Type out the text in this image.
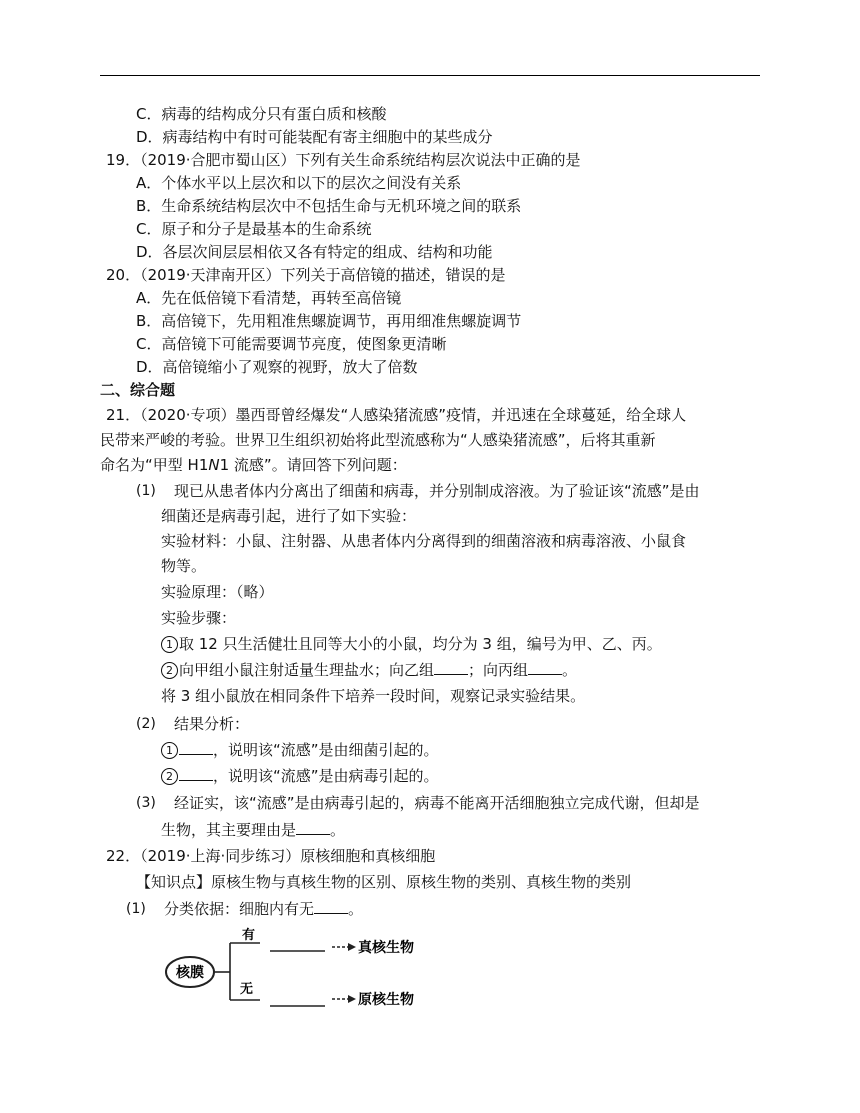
C．病毒的结构成分只有蛋白质和核酸
D．病毒结构中有时可能装配有寄主细胞中的某些成分
19．（2019·合肥市蜀山区）下列有关生命系统结构层次说法中正确的是
A．个体水平以上层次和以下的层次之间没有关系
B．生命系统结构层次中不包括生命与无机环境之间的联系
C．原子和分子是最基本的生命系统
D．各层次间层层相依又各有特定的组成、结构和功能
20．（2019·天津南开区）下列关于高倍镜的描述，错误的是
A．先在低倍镜下看清楚，再转至高倍镜
B．高倍镜下，先用粗准焦螺旋调节，再用细准焦螺旋调节
C．高倍镜下可能需要调节亮度，使图象更清晰
D．高倍镜缩小了观察的视野，放大了倍数
二、综合题
21．（2020·专项）墨西哥曾经爆发“人感染猪流感”疫情，并迅速在全球蔓延，给全球人
民带来严峻的考验。世界卫生组织初始将此型流感称为“人感染猪流感”，后将其重新
命名为“甲型 H1N1 流感”。请回答下列问题：
(1) 现已从患者体内分离出了细菌和病毒，并分别制成溶液。为了验证该“流感”是由
细菌还是病毒引起，进行了如下实验：
实验材料：小鼠、注射器、从患者体内分离得到的细菌溶液和病毒溶液、小鼠食
物等。
实验原理：（略）
实验步骤：
1 取 12 只生活健壮且同等大小的小鼠，均分为 3 组，编号为甲、乙、丙。
2 向甲组小鼠注射适量生理盐水；向乙组 ；向丙组 。
将 3 组小鼠放在相同条件下培养一段时间，观察记录实验结果。
(2) 结果分析：
1	，说明该“流感”是由细菌引起的。
2	，说明该“流感”是由病毒引起的。
(3) 经证实，该“流感”是由病毒引起的，病毒不能离开活细胞独立完成代谢，但却是
生物，其主要理由是 。
22．（2019·上海·同步练习）原核细胞和真核细胞
【知识点】原核生物与真核生物的区别、原核生物的类别、真核生物的类别
(1) 分类依据：细胞内有无 。
核膜
有
无
真核生物
原核生物
